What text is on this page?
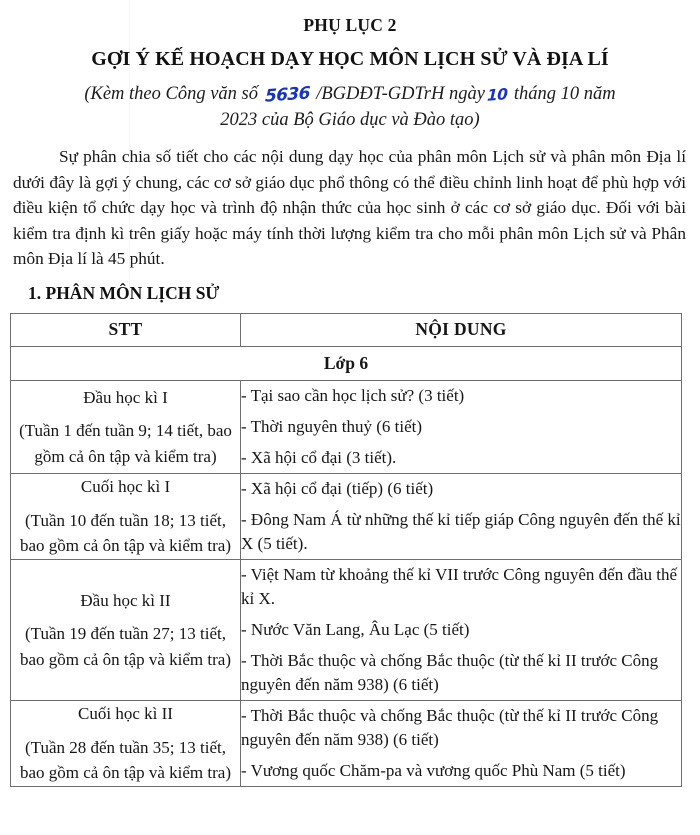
PHỤ LỤC 2
GỢI Ý KẾ HOẠCH DẠY HỌC MÔN LỊCH SỬ VÀ ĐỊA LÍ
(Kèm theo Công văn số 5636 /BGDĐT-GDTrH ngày 10 tháng 10 năm
2023 của Bộ Giáo dục và Đào tạo)

Sự phân chia số tiết cho các nội dung dạy học của phân môn Lịch sử và phân môn Địa lí dưới đây là gợi ý chung, các cơ sở giáo dục phổ thông có thể điều chỉnh linh hoạt để phù hợp với điều kiện tổ chức dạy học và trình độ nhận thức của học sinh ở các cơ sở giáo dục. Đối với bài kiểm tra định kì trên giấy hoặc máy tính thời lượng kiểm tra cho mỗi phân môn Lịch sử và Phân môn Địa lí là 45 phút.

1. PHÂN MÔN LỊCH SỬ
STT	NỘI DUNG
Lớp 6	

Đầu học kì I
(Tuần 1 đến tuần 9; 14 tiết, bao gồm cả ôn tập và kiểm tra)	- Tại sao cần học lịch sử? (3 tiết)
- Thời nguyên thuỷ (6 tiết)
- Xã hội cổ đại (3 tiết).

Cuối học kì I
(Tuần 10 đến tuần 18; 13 tiết, bao gồm cả ôn tập và kiểm tra)	- Xã hội cổ đại (tiếp) (6 tiết)
- Đông Nam Á từ những thế kỉ tiếp giáp Công nguyên đến thế kỉ X (5 tiết).

Đầu học kì II
(Tuần 19 đến tuần 27; 13 tiết, bao gồm cả ôn tập và kiểm tra)	- Việt Nam từ khoảng thế kỉ VII trước Công nguyên đến đầu thế kỉ X.
- Nước Văn Lang, Âu Lạc (5 tiết)
- Thời Bắc thuộc và chống Bắc thuộc (từ thế kỉ II trước Công nguyên đến năm 938) (6 tiết)

Cuối học kì II
(Tuần 28 đến tuần 35; 13 tiết, bao gồm cả ôn tập và kiểm tra)	- Thời Bắc thuộc và chống Bắc thuộc (từ thế kỉ II trước Công nguyên đến năm 938) (6 tiết)
- Vương quốc Chăm-pa và vương quốc Phù Nam (5 tiết)
